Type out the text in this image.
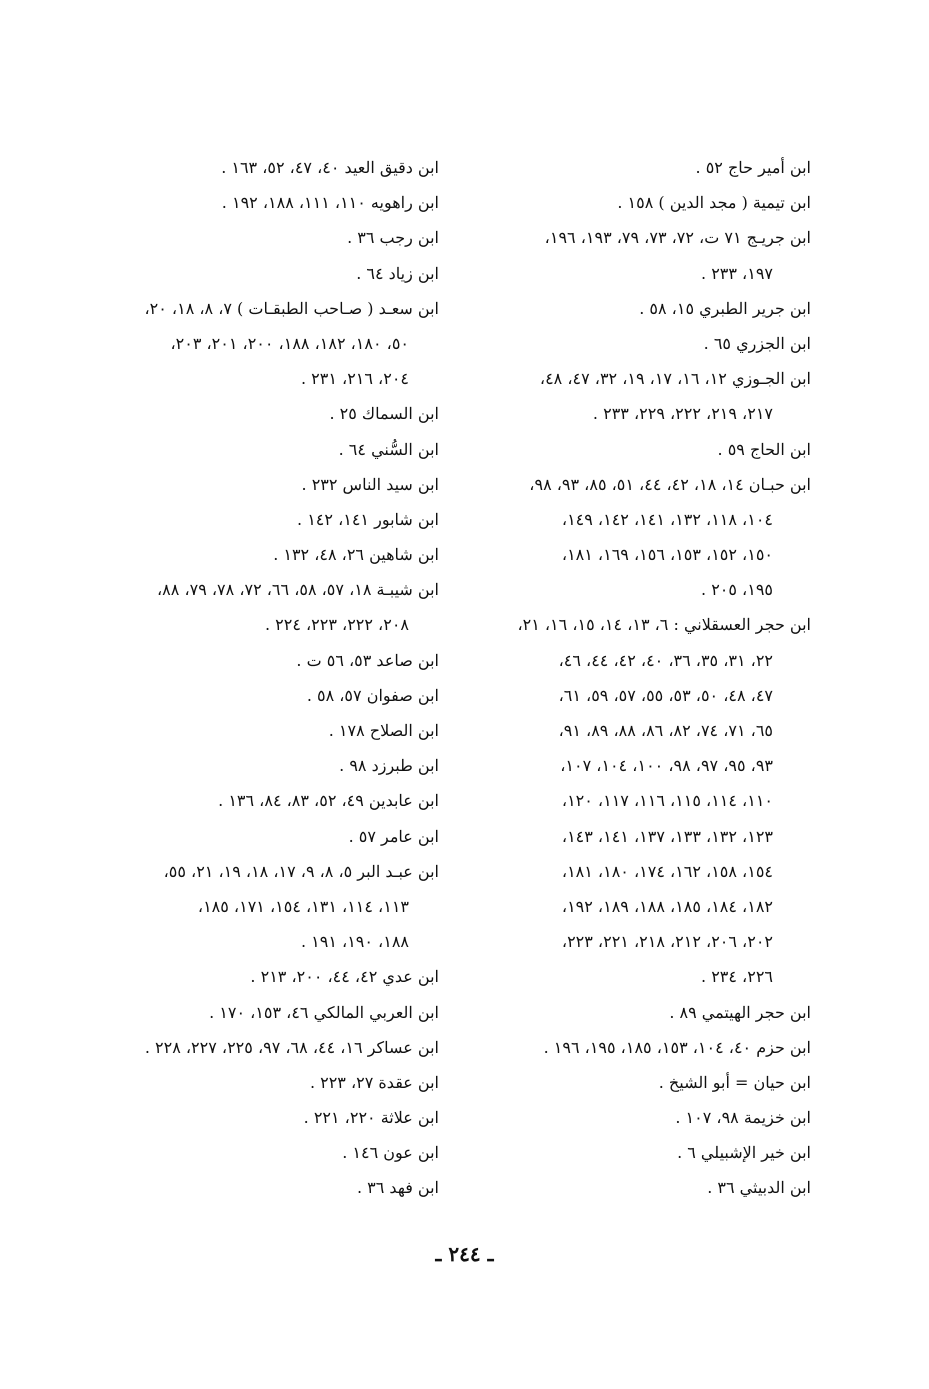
ابن أمير حاج ٥٢ .
ابن تيمية ( مجد الدين ) ١٥٨ .
ابن جريـج ٧١ ت، ٧٢، ٧٣، ٧٩، ١٩٣، ١٩٦،
١٩٧، ٢٣٣ .
ابن جرير الطبري ١٥، ٥٨ .
ابن الجزري ٦٥ .
ابن الجـوزي ١٢، ١٦، ١٧، ١٩، ٣٢، ٤٧، ٤٨،
٢١٧، ٢١٩، ٢٢٢، ٢٢٩، ٢٣٣ .
ابن الحاج ٥٩ .
ابن حبـان ١٤، ١٨، ٤٢، ٤٤، ٥١، ٨٥، ٩٣، ٩٨،
١٠٤، ١١٨، ١٣٢، ١٤١، ١٤٢، ١٤٩،
١٥٠، ١٥٢، ١٥٣، ١٥٦، ١٦٩، ١٨١،
١٩٥، ٢٠٥ .
ابن حجر العسقلاني : ٦، ١٣، ١٤، ١٥، ١٦، ٢١،
٢٢، ٣١، ٣٥، ٣٦، ٤٠، ٤٢، ٤٤، ٤٦،
٤٧، ٤٨، ٥٠، ٥٣، ٥٥، ٥٧، ٥٩، ٦١،
٦٥، ٧١، ٧٤، ٨٢، ٨٦، ٨٨، ٨٩، ٩١،
٩٣، ٩٥، ٩٧، ٩٨، ١٠٠، ١٠٤، ١٠٧،
١١٠، ١١٤، ١١٥، ١١٦، ١١٧، ١٢٠،
١٢٣، ١٣٢، ١٣٣، ١٣٧، ١٤١، ١٤٣،
١٥٤، ١٥٨، ١٦٢، ١٧٤، ١٨٠، ١٨١،
١٨٢، ١٨٤، ١٨٥، ١٨٨، ١٨٩، ١٩٢،
٢٠٢، ٢٠٦، ٢١٢، ٢١٨، ٢٢١، ٢٢٣،
٢٢٦، ٢٣٤ .
ابن حجر الهيتمي ٨٩ .
ابن حزم ٤٠، ١٠٤، ١٥٣، ١٨٥، ١٩٥، ١٩٦ .
ابن حيان = أبو الشيخ .
ابن خزيمة ٩٨، ١٠٧ .
ابن خير الإشبيلي ٦ .
ابن الدبيثي ٣٦ .
ابن دقيق العيد ٤٠، ٤٧، ٥٢، ١٦٣ .
ابن راهويه ١١٠، ١١١، ١٨٨، ١٩٢ .
ابن رجب ٣٦ .
ابن زياد ٦٤ .
ابن سعـد ( صـاحب الطبقـات ) ٧، ٨، ١٨، ٢٠،
٥٠، ١٨٠، ١٨٢، ١٨٨، ٢٠٠، ٢٠١، ٢٠٣،
٢٠٤، ٢١٦، ٢٣١ .
ابن السماك ٢٥ .
ابن السُّني ٦٤ .
ابن سيد الناس ٢٣٢ .
ابن شابور ١٤١، ١٤٢ .
ابن شاهين ٢٦، ٤٨، ١٣٢ .
ابن شيبـة ١٨، ٥٧، ٥٨، ٦٦، ٧٢، ٧٨، ٧٩، ٨٨،
٢٠٨، ٢٢٢، ٢٢٣، ٢٢٤ .
ابن صاعد ٥٣، ٥٦ ت .
ابن صفوان ٥٧، ٥٨ .
ابن الصلاح ١٧٨ .
ابن طبرزد ٩٨ .
ابن عابدين ٤٩، ٥٢، ٨٣، ٨٤، ١٣٦ .
ابن عامر ٥٧ .
ابن عبـد البر ٥، ٨، ٩، ١٧، ١٨، ١٩، ٢١، ٥٥،
١١٣، ١١٤، ١٣١، ١٥٤، ١٧١، ١٨٥،
١٨٨، ١٩٠، ١٩١ .
ابن عدي ٤٢، ٤٤، ٢٠٠، ٢١٣ .
ابن العربي المالكي ٤٦، ١٥٣، ١٧٠ .
ابن عساكر ١٦، ٤٤، ٦٨، ٩٧، ٢٢٥، ٢٢٧، ٢٢٨ .
ابن عقدة ٢٧، ٢٢٣ .
ابن علاثة ٢٢٠، ٢٢١ .
ابن عون ١٤٦ .
ابن فهد ٣٦ .
ـ ٢٤٤ ـ
